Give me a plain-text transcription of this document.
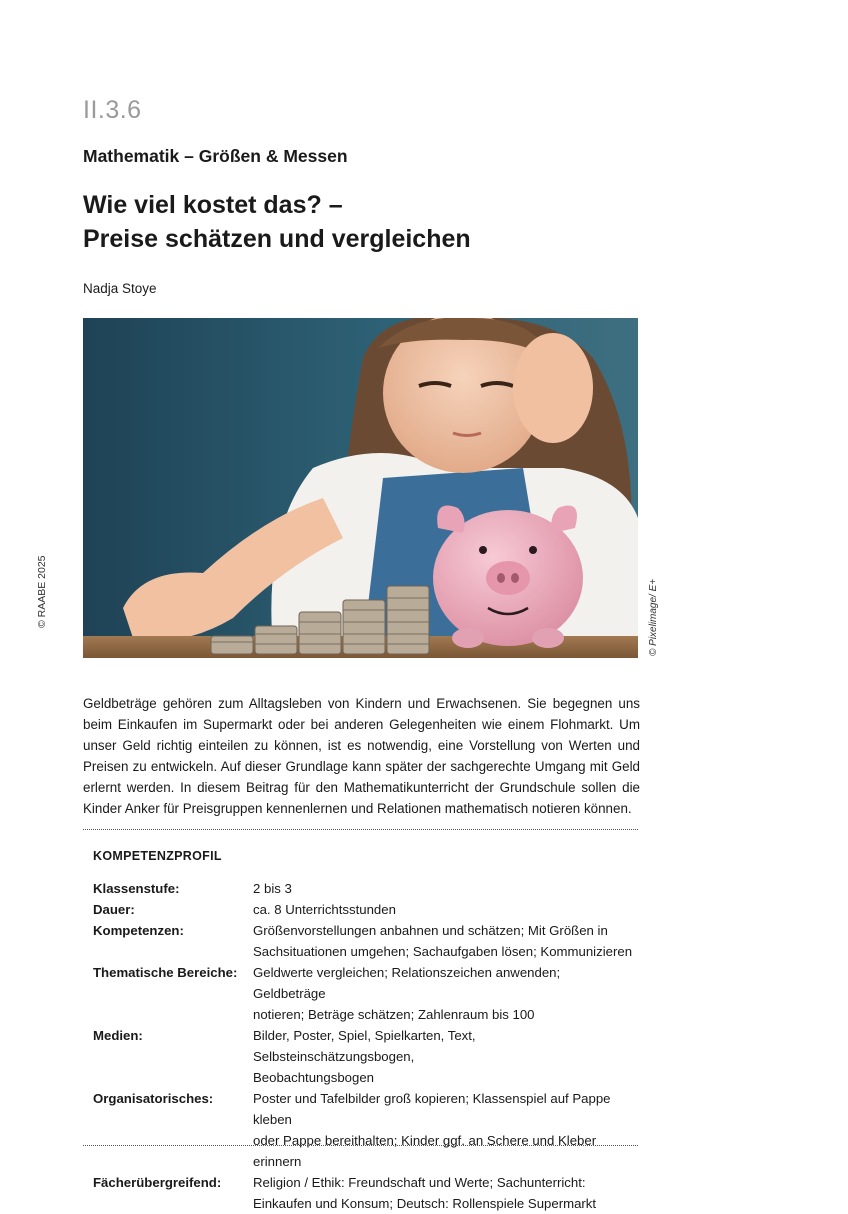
II.3.6
Mathematik – Größen & Messen
Wie viel kostet das? –
Preise schätzen und vergleichen
Nadja Stoye
© RAABE 2025	© Pixelimage/ E+

Geldbeträge gehören zum Alltagsleben von Kindern und Erwachsenen. Sie begegnen uns beim Einkaufen im Supermarkt oder bei anderen Gelegenheiten wie einem Flohmarkt. Um unser Geld richtig einteilen zu können, ist es notwendig, eine Vorstellung von Werten und Preisen zu entwickeln. Auf dieser Grundlage kann später der sachgerechte Umgang mit Geld erlernt werden. In diesem Beitrag für den Mathematikunterricht der Grundschule sollen die Kinder Anker für Preisgruppen kennenlernen und Relationen mathematisch notieren können.

KOMPETENZPROFIL
Klassenstufe:	2 bis 3
Dauer:	ca. 8 Unterrichtsstunden
Kompetenzen:	Größenvorstellungen anbahnen und schätzen; Mit Größen in
Sachsituationen umgehen; Sachaufgaben lösen; Kommunizieren
Thematische Bereiche:	Geldwerte vergleichen; Relationszeichen anwenden; Geldbeträge
notieren; Beträge schätzen; Zahlenraum bis 100
Medien:	Bilder, Poster, Spiel, Spielkarten, Text, Selbsteinschätzungsbogen,
Beobachtungsbogen
Organisatorisches:	Poster und Tafelbilder groß kopieren; Klassenspiel auf Pappe kleben
oder Pappe bereithalten; Kinder ggf. an Schere und Kleber erinnern
Fächerübergreifend:	Religion / Ethik: Freundschaft und Werte; Sachunterricht:
Einkaufen und Konsum; Deutsch: Rollenspiele Supermarkt
